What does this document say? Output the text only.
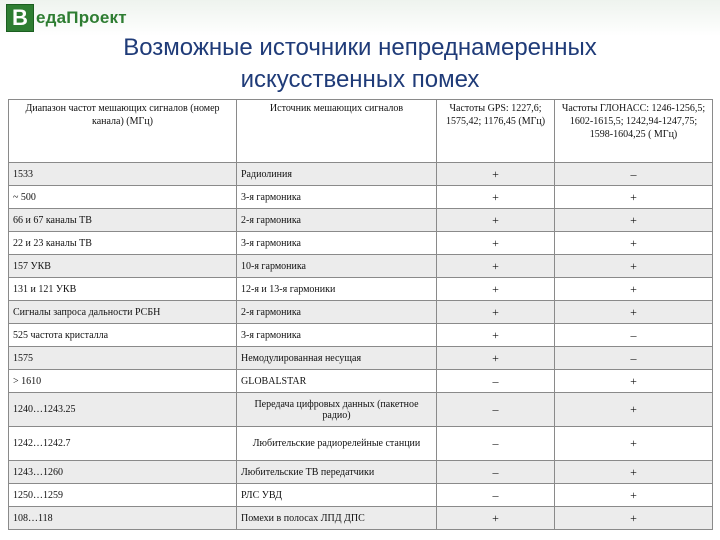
В едаПроект
Возможные источники непреднамеренных
искусственных помех
Диапазон частот мешающих сигналов (номер канала) (МГц)	Источник мешающих сигналов	Частоты GPS: 1227,6; 1575,42; 1176,45 (МГц)	Частоты ГЛОНАСС: 1246-1256,5; 1602-1615,5; 1242,94-1247,75; 1598-1604,25 ( МГц)
1533	Радиолиния	+	–
~ 500	3-я гармоника	+	+
66 и 67 каналы ТВ	2-я гармоника	+	+
22 и 23 каналы ТВ	3-я гармоника	+	+
157 УКВ	10-я гармоника	+	+
131 и 121 УКВ	12-я и 13-я гармоники	+	+
Сигналы запроса дальности РСБН	2-я гармоника	+	+
525 частота кристалла	3-я гармоника	+	–
1575	Немодулированная несущая	+	–
> 1610	GLOBALSTAR	–	+
1240…1243.25	Передача цифровых данных (пакетное радио)	–	+
1242…1242.7	Любительские радиорелейные станции	–	+
1243…1260	Любительские ТВ передатчики	–	+
1250…1259	РЛС УВД	–	+
108…118	Помехи в полосах ЛПД ДПС	+	+
